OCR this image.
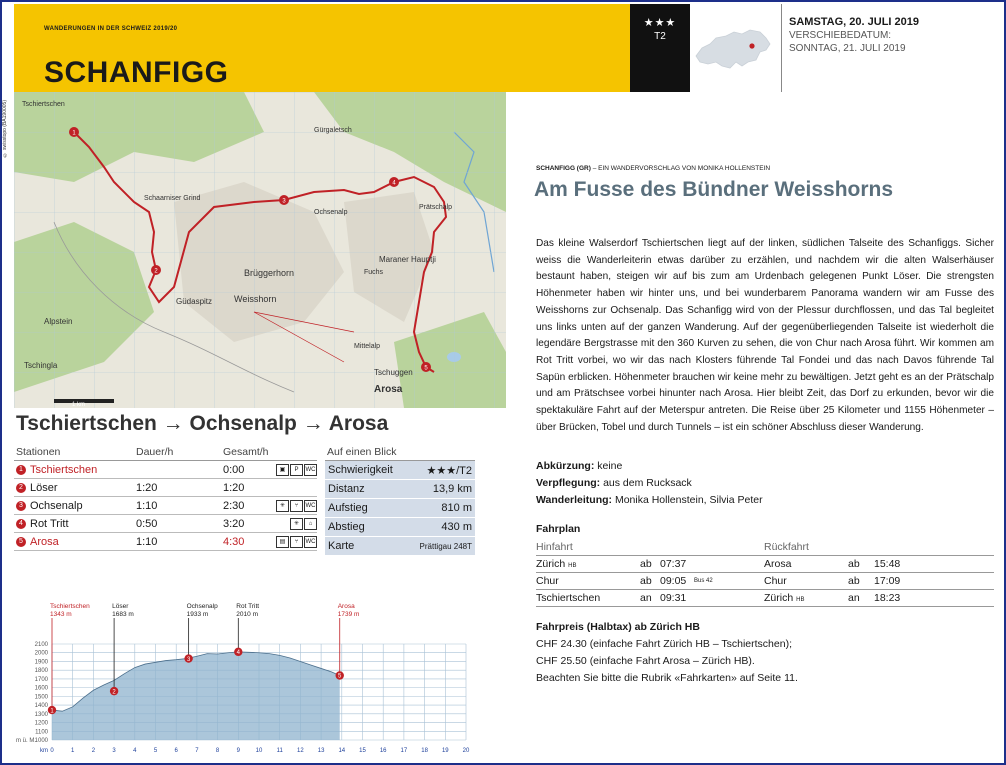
WANDERUNGEN IN DER SCHWEIZ 2019/20
SCHANFIGG
★★★
T2
SAMSTAG, 20. JULI 2019
VERSCHIEBEDATUM:
SONNTAG, 21. JULI 2019
© swisstopo (BA190005) Tschiertschen
Schaarniser Grind
Ochsenalp
Gürgaletsch
Weisshorn
Brüggerhorn
Tschuggen
Arosa
Mittelalp
Maraner Hauptji
Prätschalp
Fuchs
Alpstein
Tschingla
Güdaspitz
1
2
3
4
5
1 km
Tschiertschen → Ochsenalp → Arosa
Stationen	Dauer/h	Gesamt/h	
1 Tschiertschen		0:00	▣ P WC
2 Löser	1:20	1:20	
3 Ochsenalp	1:10	2:30	✳ ⑂ WC
4 Rot Tritt	0:50	3:20	✳ ⌂
5 Arosa	1:10	4:30	▤ ⑂ WC
Auf einen Blick	
Schwierigkeit	★★★/T2
Distanz	13,9 km
Aufstieg	810 m
Abstieg	430 m
Karte	Prättigau 248T
1000
1100
1200
1300
1400
1500
1600
1700
1800
1900
2000
2100
0	1	2	3	4	5	6	7	8	9	10 11 12 13 14 15 16 17 18 19 20
km
m ü. M.
1
Tschiertschen
1343 m
2
Löser
1683 m
3
Ochsenalp
1933 m
4
Rot Tritt
2010 m
5
Arosa
1739 m
SCHANFIGG (GR) – EIN WANDERVORSCHLAG VON MONIKA HOLLENSTEIN
Am Fusse des Bündner Weisshorns
Das kleine Walserdorf Tschiertschen liegt auf der linken, südlichen Talseite des Schanfiggs. Sicher weiss die Wanderleiterin etwas darüber zu erzählen, und nachdem wir die alten Walserhäuser bestaunt haben, steigen wir auf bis zum am Urdenbach gelegenen Punkt Löser. Die strengsten Höhenmeter haben wir hinter uns, und bei wunderbarem Panorama wandern wir am Fusse des Weisshorns zur Ochsenalp. Das Schanfigg wird von der Plessur durchflossen, und das Tal begleitet uns links unten auf der ganzen Wanderung. Auf der gegenüberliegenden Talseite ist wiederholt die legendäre Bergstrasse mit den 360 Kurven zu sehen, die von Chur nach Arosa führt. Wir kommen am Rot Tritt vorbei, wo wir das nach Klosters führende Tal Fondei und das nach Davos führende Tal Sapün erblicken. Höhenmeter brauchen wir keine mehr zu bewältigen. Jetzt geht es an der Prätschalp und am Prätschsee vorbei hinunter nach Arosa. Hier bleibt Zeit, das Dorf zu erkunden, bevor wir die spektakuläre Fahrt auf der Meterspur antreten. Die Reise über 25 Kilometer und 1155 Höhenmeter – über Brücken, Tobel und durch Tunnels – ist ein schöner Abschluss dieser Wanderung.
Abkürzung: keine
Verpflegung: aus dem Rucksack
Wanderleitung: Monika Hollenstein, Silvia Peter
Fahrplan
Hinfahrt					Rückfahrt		
Zürich HB	ab	07:37			Arosa	ab	15:48
Chur	ab	09:05	Bus 42		Chur	ab	17:09
Tschiertschen	an	09:31			Zürich HB	an	18:23
Fahrpreis (Halbtax) ab Zürich HB
CHF 24.30 (einfache Fahrt Zürich HB – Tschiertschen);
CHF 25.50 (einfache Fahrt Arosa – Zürich HB).
Beachten Sie bitte die Rubrik «Fahrkarten» auf Seite 11.
